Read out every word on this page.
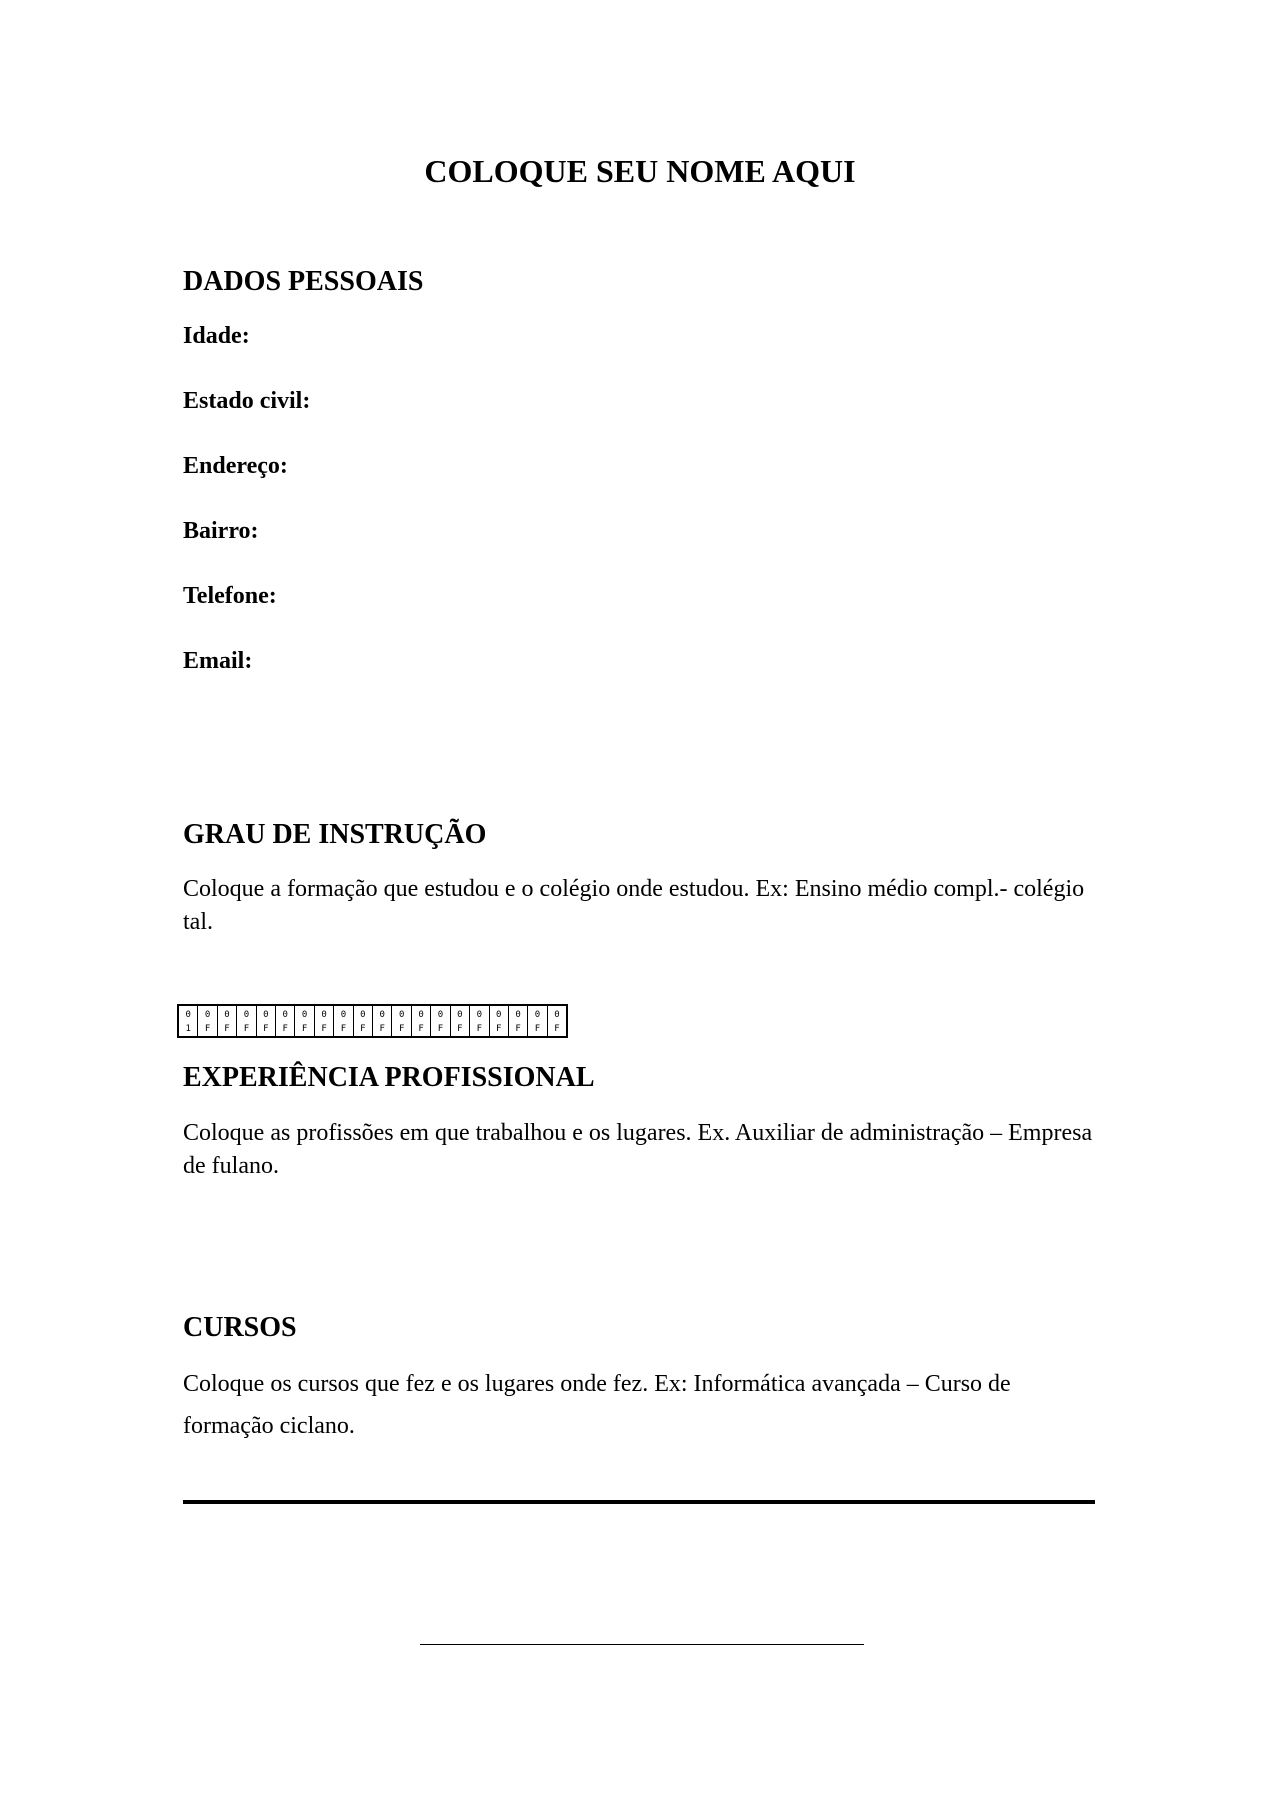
COLOQUE SEU NOME AQUI
DADOS PESSOAIS

Idade:

Estado civil:

Endereço:

Bairro:

Telefone:

Email:

GRAU DE INSTRUÇÃO

Coloque a formação que estudou e o colégio onde estudou. Ex: Ensino médio compl.- colégio tal.

0
1
0
F
0
F
0
F
0
F
0
F
0
F
0
F
0
F
0
F
0
F
0
F
0
F
0
F
0
F
0
F
0
F
0
F
0
F
0
F
EXPERIÊNCIA PROFISSIONAL

Coloque as profissões em que trabalhou e os lugares. Ex. Auxiliar de administração – Empresa de fulano.

CURSOS

Coloque os cursos que fez e os lugares onde fez. Ex: Informática avançada – Curso de formação ciclano.
